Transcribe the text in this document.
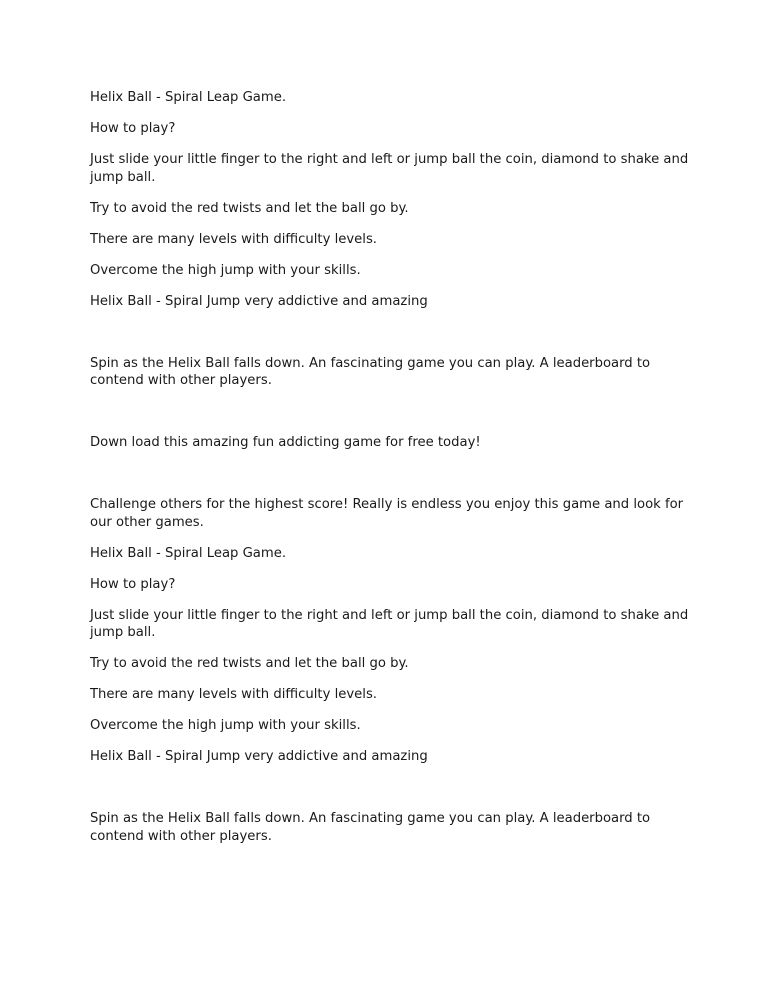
Helix Ball - Spiral Leap Game.

How to play?

Just slide your little finger to the right and left or jump ball the coin, diamond to shake and jump ball.

Try to avoid the red twists and let the ball go by.

There are many levels with difficulty levels.

Overcome the high jump with your skills.

Helix Ball - Spiral Jump very addictive and amazing

Spin as the Helix Ball falls down. An fascinating game you can play. A leaderboard to contend with other players.

Down load this amazing fun addicting game for free today!

Challenge others for the highest score! Really is endless you enjoy this game and look for our other games.

Helix Ball - Spiral Leap Game.

How to play?

Just slide your little finger to the right and left or jump ball the coin, diamond to shake and jump ball.

Try to avoid the red twists and let the ball go by.

There are many levels with difficulty levels.

Overcome the high jump with your skills.

Helix Ball - Spiral Jump very addictive and amazing

Spin as the Helix Ball falls down. An fascinating game you can play. A leaderboard to contend with other players.
